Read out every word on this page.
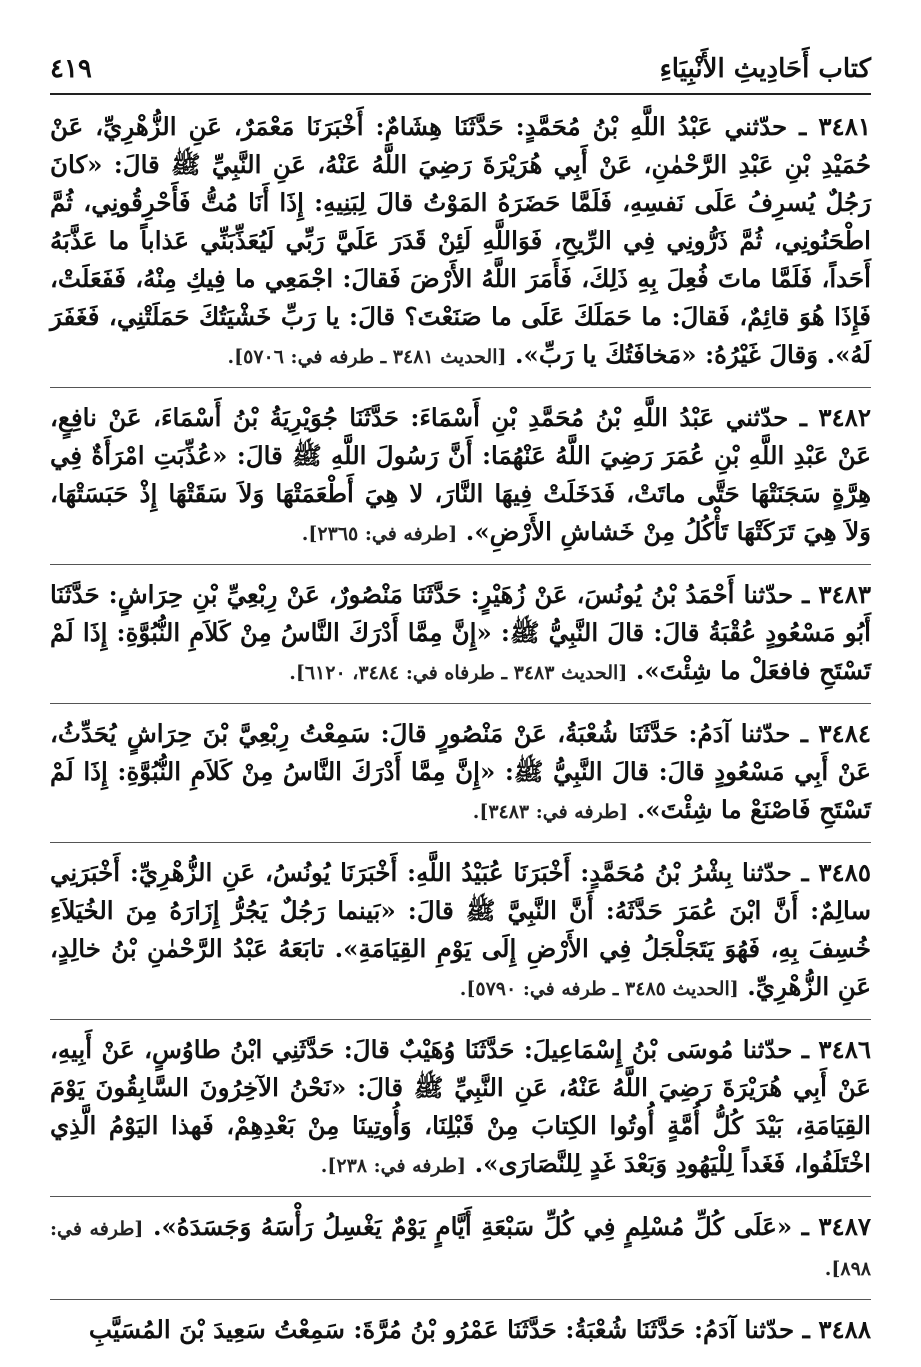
كتاب أَحَادِيثِ الأَنْبِيَاءِ
٤١٩

٣٤٨١ ـ حدّثني عَبْدُ اللَّهِ بْنُ مُحَمَّدٍ: حَدَّثَنَا هِشَامٌ: أَخْبَرَنَا مَعْمَرٌ، عَنِ الزُّهْرِيِّ، عَنْ حُمَيْدِ بْنِ عَبْدِ الرَّحْمٰنِ، عَنْ أَبِي هُرَيْرَةَ رَضِيَ اللَّهُ عَنْهُ، عَنِ النَّبِيِّ ﷺ قالَ: «كانَ رَجُلٌ يُسرِفُ عَلَى نَفسِهِ، فَلَمَّا حَضَرَهُ المَوْتُ قالَ لِبَنِيهِ: إِذَا أَنَا مُتُّ فَأَحْرِقُونِي، ثُمَّ اطْحَنُونِي، ثُمَّ ذَرُّونِي فِي الرِّيحِ، فَوَاللَّهِ لَئِنْ قَدَرَ عَلَيَّ رَبِّي لَيُعَذِّبَنِّي عَذاباً ما عَذَّبَهُ أَحَداً، فَلَمَّا ماتَ فُعِلَ بِهِ ذَلِكَ، فَأَمَرَ اللَّهُ الأَرْضَ فَقالَ: اجْمَعِي ما فِيكِ مِنْهُ، فَفَعَلَتْ، فَإِذَا هُوَ قائِمٌ، فَقالَ: ما حَمَلَكَ عَلَى ما صَنَعْتَ؟ قالَ: يا رَبِّ خَشْيَتُكَ حَمَلَتْنِي، فَغَفَرَ لَهُ». وَقالَ غَيْرُهُ: «مَخافَتُكَ يا رَبِّ». [الحديث ٣٤٨١ ـ طرفه في: ٥٧٠٦].

٣٤٨٢ ـ حدّثني عَبْدُ اللَّهِ بْنُ مُحَمَّدِ بْنِ أَسْمَاءَ: حَدَّثَنَا جُوَيْرِيَةُ بْنُ أَسْمَاءَ، عَنْ نافِعٍ، عَنْ عَبْدِ اللَّهِ بْنِ عُمَرَ رَضِيَ اللَّهُ عَنْهُمَا: أَنَّ رَسُولَ اللَّهِ ﷺ قالَ: «عُذِّبَتِ امْرَأَةٌ فِي هِرَّةٍ سَجَنَتْهَا حَتَّى ماتَتْ، فَدَخَلَتْ فِيهَا النَّارَ، لا هِيَ أَطْعَمَتْهَا وَلاَ سَقَتْهَا إِذْ حَبَسَتْهَا، وَلاَ هِيَ تَرَكَتْهَا تَأْكُلُ مِنْ خَشاشِ الأَرْضِ». [طرفه في: ٢٣٦٥].

٣٤٨٣ ـ حدّثنا أَحْمَدُ بْنُ يُونُسَ، عَنْ زُهَيْرٍ: حَدَّثَنَا مَنْصُورٌ، عَنْ رِبْعِيِّ بْنِ حِرَاشٍ: حَدَّثَنَا أَبُو مَسْعُودٍ عُقْبَةُ قالَ: قالَ النَّبِيُّ ﷺ: «إِنَّ مِمَّا أَدْرَكَ النَّاسُ مِنْ كَلاَمِ النُّبُوَّةِ: إِذَا لَمْ تَسْتَحِ فافعَلْ ما شِئْتَ». [الحديث ٣٤٨٣ ـ طرفاه في: ٣٤٨٤، ٦١٢٠].

٣٤٨٤ ـ حدّثنا آدَمُ: حَدَّثَنَا شُعْبَةُ، عَنْ مَنْصُورٍ قالَ: سَمِعْتُ رِبْعِيَّ بْنَ حِرَاشٍ يُحَدِّثُ، عَنْ أَبِي مَسْعُودٍ قالَ: قالَ النَّبِيُّ ﷺ: «إِنَّ مِمَّا أَدْرَكَ النَّاسُ مِنْ كَلاَمِ النُّبُوَّةِ: إِذَا لَمْ تَسْتَحِ فَاصْنَعْ ما شِئْتَ». [طرفه في: ٣٤٨٣].

٣٤٨٥ ـ حدّثنا بِشْرُ بْنُ مُحَمَّدٍ: أَخْبَرَنَا عُبَيْدُ اللَّهِ: أَخْبَرَنَا يُونُسُ، عَنِ الزُّهْرِيِّ: أَخْبَرَنِي سالِمٌ: أَنَّ ابْنَ عُمَرَ حَدَّثَهُ: أَنَّ النَّبِيَّ ﷺ قالَ: «بَينما رَجُلٌ يَجُرُّ إِزَارَهُ مِنَ الخُيَلاَءِ خُسِفَ بِهِ، فَهُوَ يَتَجَلْجَلُ فِي الأَرْضِ إِلَى يَوْمِ القِيَامَةِ». تابَعَهُ عَبْدُ الرَّحْمٰنِ بْنُ خالِدٍ، عَنِ الزُّهْرِيِّ. [الحديث ٣٤٨٥ ـ طرفه في: ٥٧٩٠].

٣٤٨٦ ـ حدّثنا مُوسَى بْنُ إِسْمَاعِيلَ: حَدَّثَنَا وُهَيْبٌ قالَ: حَدَّثَنِي ابْنُ طاوُسٍ، عَنْ أَبِيهِ، عَنْ أَبِي هُرَيْرَةَ رَضِيَ اللَّهُ عَنْهُ، عَنِ النَّبِيِّ ﷺ قالَ: «نَحْنُ الآخِرُونَ السَّابِقُونَ يَوْمَ القِيَامَةِ، بَيْدَ كُلُّ أُمَّةٍ أُوتُوا الكِتابَ مِنْ قَبْلِنَا، وَأُوتِينَا مِنْ بَعْدِهِمْ، فَهذا اليَوْمُ الَّذِي اخْتَلَفُوا، فَغَداً لِلْيَهُودِ وَبَعْدَ غَدٍ لِلنَّصَارَى». [طرفه في: ٢٣٨].

٣٤٨٧ ـ «عَلَى كُلِّ مُسْلِمٍ فِي كُلِّ سَبْعَةِ أَيَّامٍ يَوْمٌ يَغْسِلُ رَأْسَهُ وَجَسَدَهُ». [طرفه في: ٨٩٨].

٣٤٨٨ ـ حدّثنا آدَمُ: حَدَّثَنَا شُعْبَةُ: حَدَّثَنَا عَمْرُو بْنُ مُرَّةَ: سَمِعْتُ سَعِيدَ بْنَ المُسَيَّبِ
